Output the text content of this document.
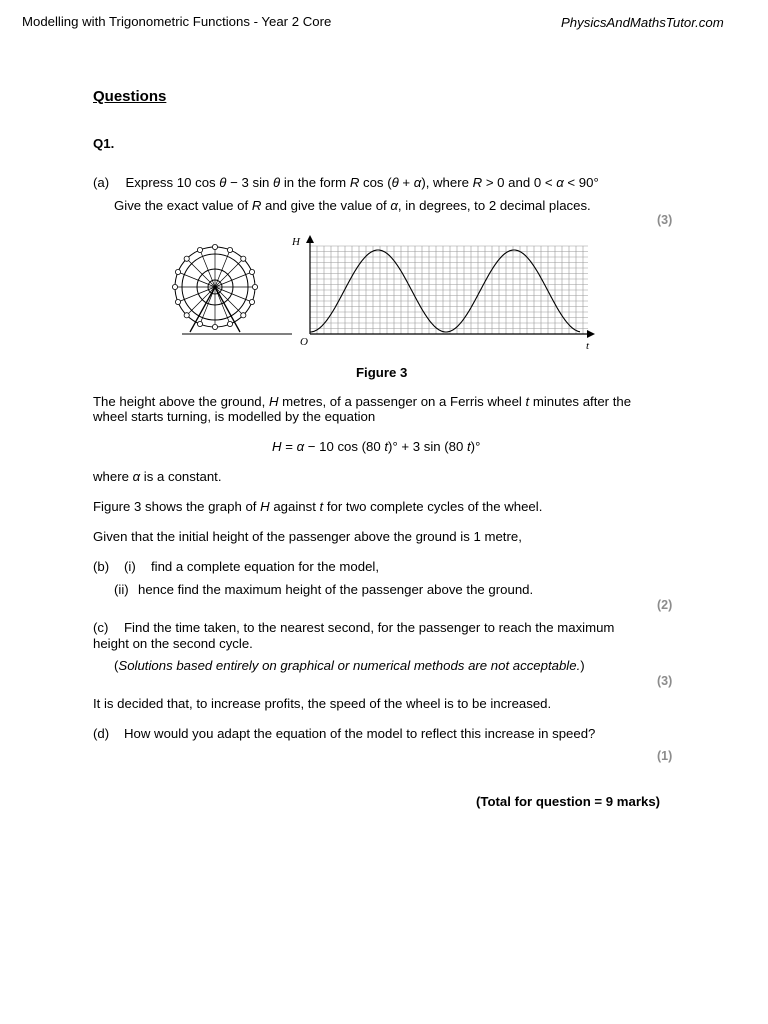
Modelling with Trigonometric Functions - Year 2 Core	PhysicsAndMathsTutor.com
Questions
Q1.
(a) Express 10 cos θ − 3 sin θ in the form R cos (θ + α), where R > 0 and 0 < α < 90°
Give the exact value of R and give the value of α, in degrees, to 2 decimal places.
(3)
H
t
O
Figure 3
The height above the ground, H metres, of a passenger on a Ferris wheel t minutes after the
wheel starts turning, is modelled by the equation
H = α − 10 cos (80 t)° + 3 sin (80 t)°
where α is a constant.
Figure 3 shows the graph of H against t for two complete cycles of the wheel.
Given that the initial height of the passenger above the ground is 1 metre,
(b) (i) find a complete equation for the model,
(ii) hence find the maximum height of the passenger above the ground.
(2)
(c) Find the time taken, to the nearest second, for the passenger to reach the maximum
height on the second cycle.
(Solutions based entirely on graphical or numerical methods are not acceptable.)
(3)
It is decided that, to increase profits, the speed of the wheel is to be increased.
(d) How would you adapt the equation of the model to reflect this increase in speed?
(1)
(Total for question = 9 marks)
